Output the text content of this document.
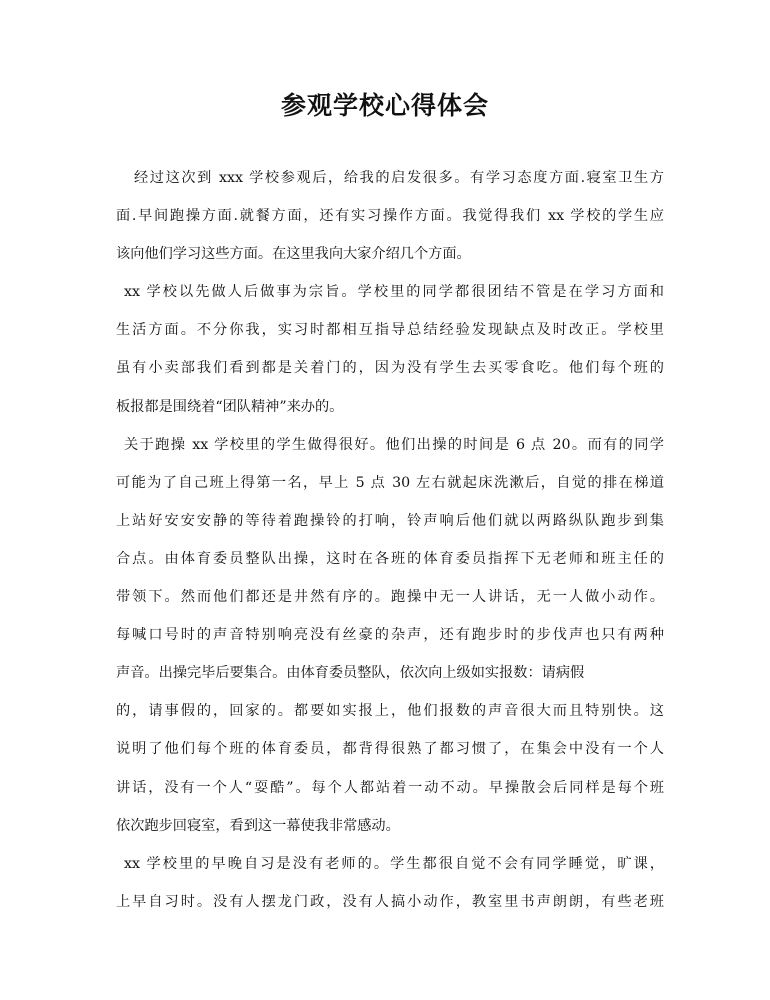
参观学校心得体会
经过这次到 xxx 学校参观后，给我的启发很多。有学习态度方面.寝室卫生方
面.早间跑操方面.就餐方面，还有实习操作方面。我觉得我们 xx 学校的学生应
该向他们学习这些方面。在这里我向大家介绍几个方面。
xx 学校以先做人后做事为宗旨。学校里的同学都很团结不管是在学习方面和
生活方面。不分你我，实习时都相互指导总结经验发现缺点及时改正。学校里
虽有小卖部我们看到都是关着门的，因为没有学生去买零食吃。他们每个班的
板报都是围绕着“团队精神”来办的。
关于跑操 xx 学校里的学生做得很好。他们出操的时间是 6 点 20。而有的同学
可能为了自己班上得第一名，早上 5 点 30 左右就起床洗漱后，自觉的排在梯道
上站好安安安静的等待着跑操铃的打响，铃声响后他们就以两路纵队跑步到集
合点。由体育委员整队出操，这时在各班的体育委员指挥下无老师和班主任的
带领下。然而他们都还是井然有序的。跑操中无一人讲话，无一人做小动作。
每喊口号时的声音特别响亮没有丝豪的杂声，还有跑步时的步伐声也只有两种
声音。出操完毕后要集合。由体育委员整队，依次向上级如实报数：请病假
的，请事假的，回家的。都要如实报上，他们报数的声音很大而且特别快。这
说明了他们每个班的体育委员，都背得很熟了都习惯了，在集会中没有一个人
讲话，没有一个人“耍酷”。每个人都站着一动不动。早操散会后同样是每个班
依次跑步回寝室，看到这一幕使我非常感动。
xx 学校里的早晚自习是没有老师的。学生都很自觉不会有同学睡觉，旷课，
上早自习时。没有人摆龙门政，没有人搞小动作，教室里书声朗朗，有些老班
